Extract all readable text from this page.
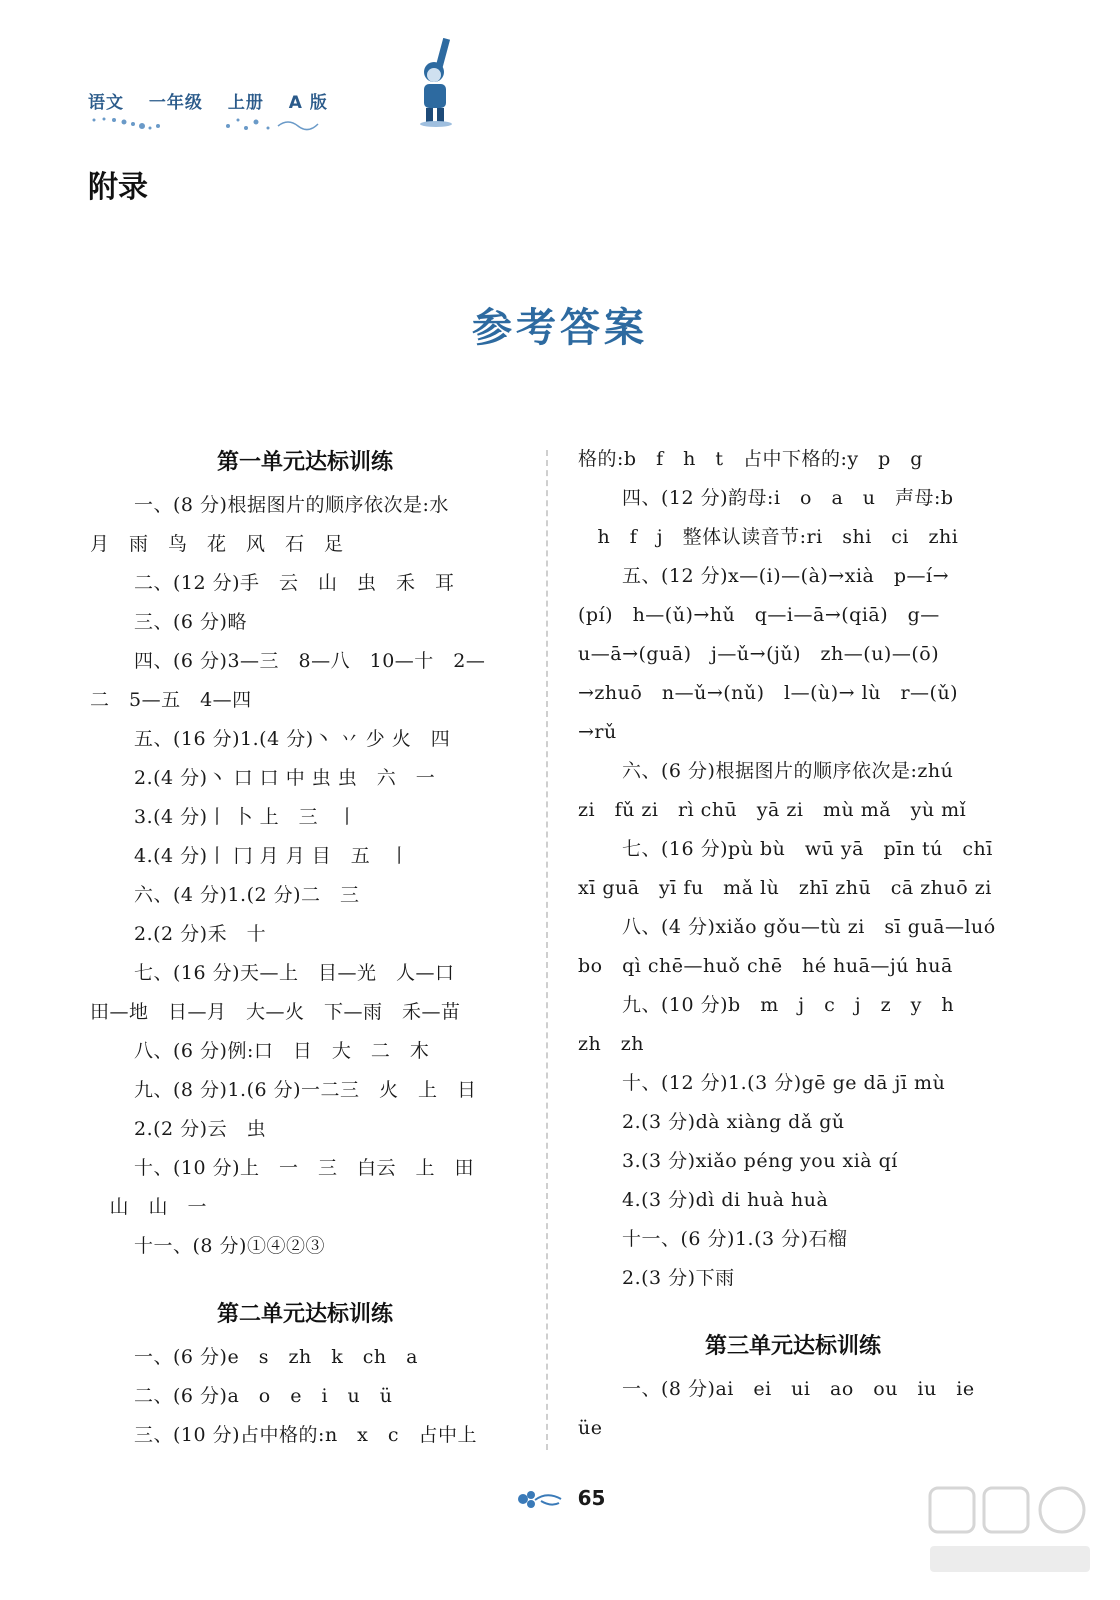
语文 一年级 上册 A 版
附录
参考答案
第一单元达标训练
一、(8 分)根据图片的顺序依次是:水
月　雨　鸟　花　风　石　足
二、(12 分)手　云　山　虫　禾　耳
三、(6 分)略
四、(6 分)3—三　8—八　10—十　2—
二　5—五　4—四
五、(16 分)1.(4 分)丶 丷 少 火　四
2.(4 分)丶 口 口 中 虫 虫　六　一
3.(4 分)丨 卜 上　三　丨
4.(4 分)丨 冂 月 月 目　五　丨
六、(4 分)1.(2 分)二　三
2.(2 分)禾　十
七、(16 分)天—上　目—光　人—口
田—地　日—月　大—火　下—雨　禾—苗
八、(6 分)例:口　日　大　二　木
九、(8 分)1.(6 分)一二三　火　上　日
2.(2 分)云　虫
十、(10 分)上　一　三　白云　上　田
　山　山　一
十一、(8 分)①④②③
第二单元达标训练
一、(6 分)e　s　zh　k　ch　a
二、(6 分)a　o　e　i　u　ü
三、(10 分)占中格的:n　x　c　占中上
格的:b　f　h　t　占中下格的:y　p　g
四、(12 分)韵母:i　o　a　u　声母:b
　h　f　j　整体认读音节:ri　shi　ci　zhi
五、(12 分)x—(i)—(à)→xià　p—í→
(pí)　h—(ǔ)→hǔ　q—i—ā→(qiā)　g—
u—ā→(guā)　j—ǔ→(jǔ)　zh—(u)—(ō)
→zhuō　n—ǔ→(nǔ)　l—(ù)→ lù　r—(ǔ)
→rǔ
六、(6 分)根据图片的顺序依次是:zhú
zi　fǔ zi　rì chū　yā zi　mù mǎ　yù mǐ
七、(16 分)pù bù　wū yā　pīn tú　chī
xī guā　yī fu　mǎ lù　zhī zhū　cā zhuō zi
八、(4 分)xiǎo gǒu—tù zi　sī guā—luó
bo　qì chē—huǒ chē　hé huā—jú huā
九、(10 分)b　m　j　c　j　z　y　h
zh　zh
十、(12 分)1.(3 分)gē ge dā jī mù
2.(3 分)dà xiàng dǎ gǔ
3.(3 分)xiǎo péng you xià qí
4.(3 分)dì di huà huà
十一、(6 分)1.(3 分)石榴
2.(3 分)下雨
第三单元达标训练
一、(8 分)ai　ei　ui　ao　ou　iu　ie
üe
65
